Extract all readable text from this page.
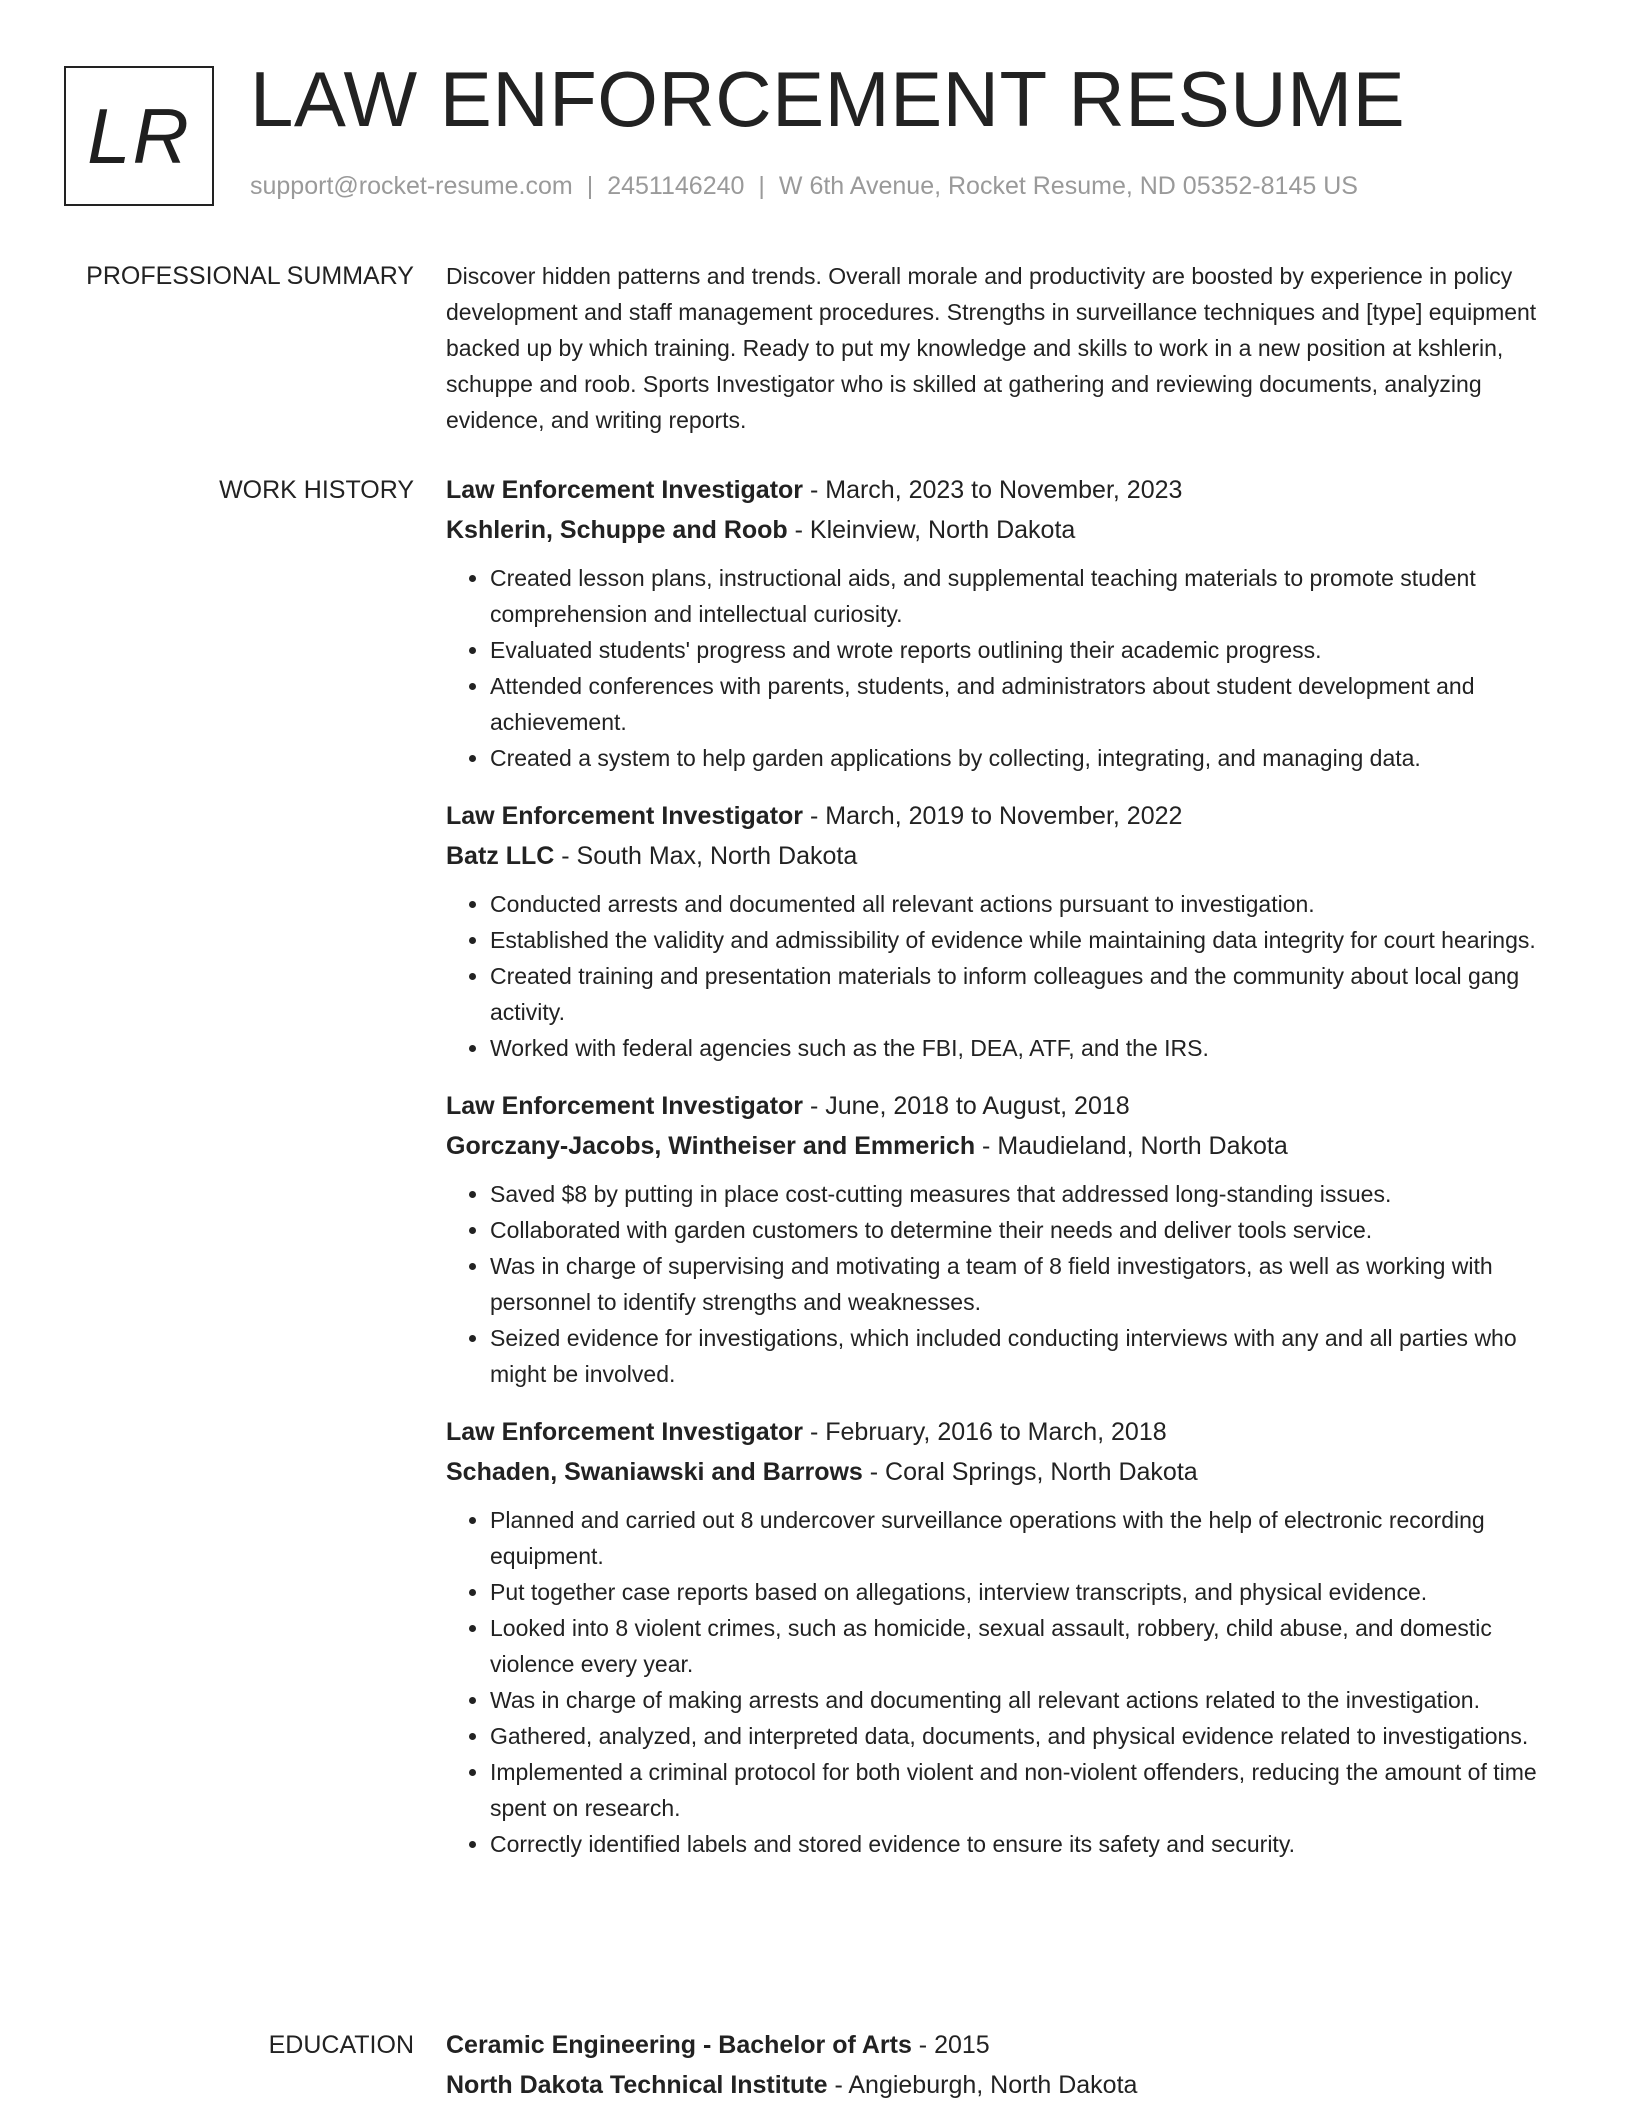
LR LAW ENFORCEMENT RESUME
support@rocket-resume.com | 2451146240 | W 6th Avenue, Rocket Resume, ND 05352-8145 US
PROFESSIONAL SUMMARY Discover hidden patterns and trends. Overall morale and productivity are boosted by experience in policy development and staff management procedures. Strengths in surveillance techniques and [type] equipment backed up by which training. Ready to put my knowledge and skills to work in a new position at kshlerin, schuppe and roob. Sports Investigator who is skilled at gathering and reviewing documents, analyzing evidence, and writing reports.

WORK HISTORY Law Enforcement Investigator - March, 2023 to November, 2023
Kshlerin, Schuppe and Roob - Kleinview, North Dakota
• Created lesson plans, instructional aids, and supplemental teaching materials to promote student comprehension and intellectual curiosity.
• Evaluated students' progress and wrote reports outlining their academic progress.
• Attended conferences with parents, students, and administrators about student development and achievement.
• Created a system to help garden applications by collecting, integrating, and managing data.
Law Enforcement Investigator - March, 2019 to November, 2022
Batz LLC - South Max, North Dakota
• Conducted arrests and documented all relevant actions pursuant to investigation.
• Established the validity and admissibility of evidence while maintaining data integrity for court hearings.
• Created training and presentation materials to inform colleagues and the community about local gang activity.
• Worked with federal agencies such as the FBI, DEA, ATF, and the IRS.
Law Enforcement Investigator - June, 2018 to August, 2018
Gorczany-Jacobs, Wintheiser and Emmerich - Maudieland, North Dakota
• Saved $8 by putting in place cost-cutting measures that addressed long-standing issues.
• Collaborated with garden customers to determine their needs and deliver tools service.
• Was in charge of supervising and motivating a team of 8 field investigators, as well as working with personnel to identify strengths and weaknesses.
• Seized evidence for investigations, which included conducting interviews with any and all parties who might be involved.
Law Enforcement Investigator - February, 2016 to March, 2018
Schaden, Swaniawski and Barrows - Coral Springs, North Dakota
• Planned and carried out 8 undercover surveillance operations with the help of electronic recording equipment.
• Put together case reports based on allegations, interview transcripts, and physical evidence.
• Looked into 8 violent crimes, such as homicide, sexual assault, robbery, child abuse, and domestic violence every year.
• Was in charge of making arrests and documenting all relevant actions related to the investigation.
• Gathered, analyzed, and interpreted data, documents, and physical evidence related to investigations.
• Implemented a criminal protocol for both violent and non-violent offenders, reducing the amount of time spent on research.
• Correctly identified labels and stored evidence to ensure its safety and security.
EDUCATION Ceramic Engineering - Bachelor of Arts - 2015
North Dakota Technical Institute - Angieburgh, North Dakota
